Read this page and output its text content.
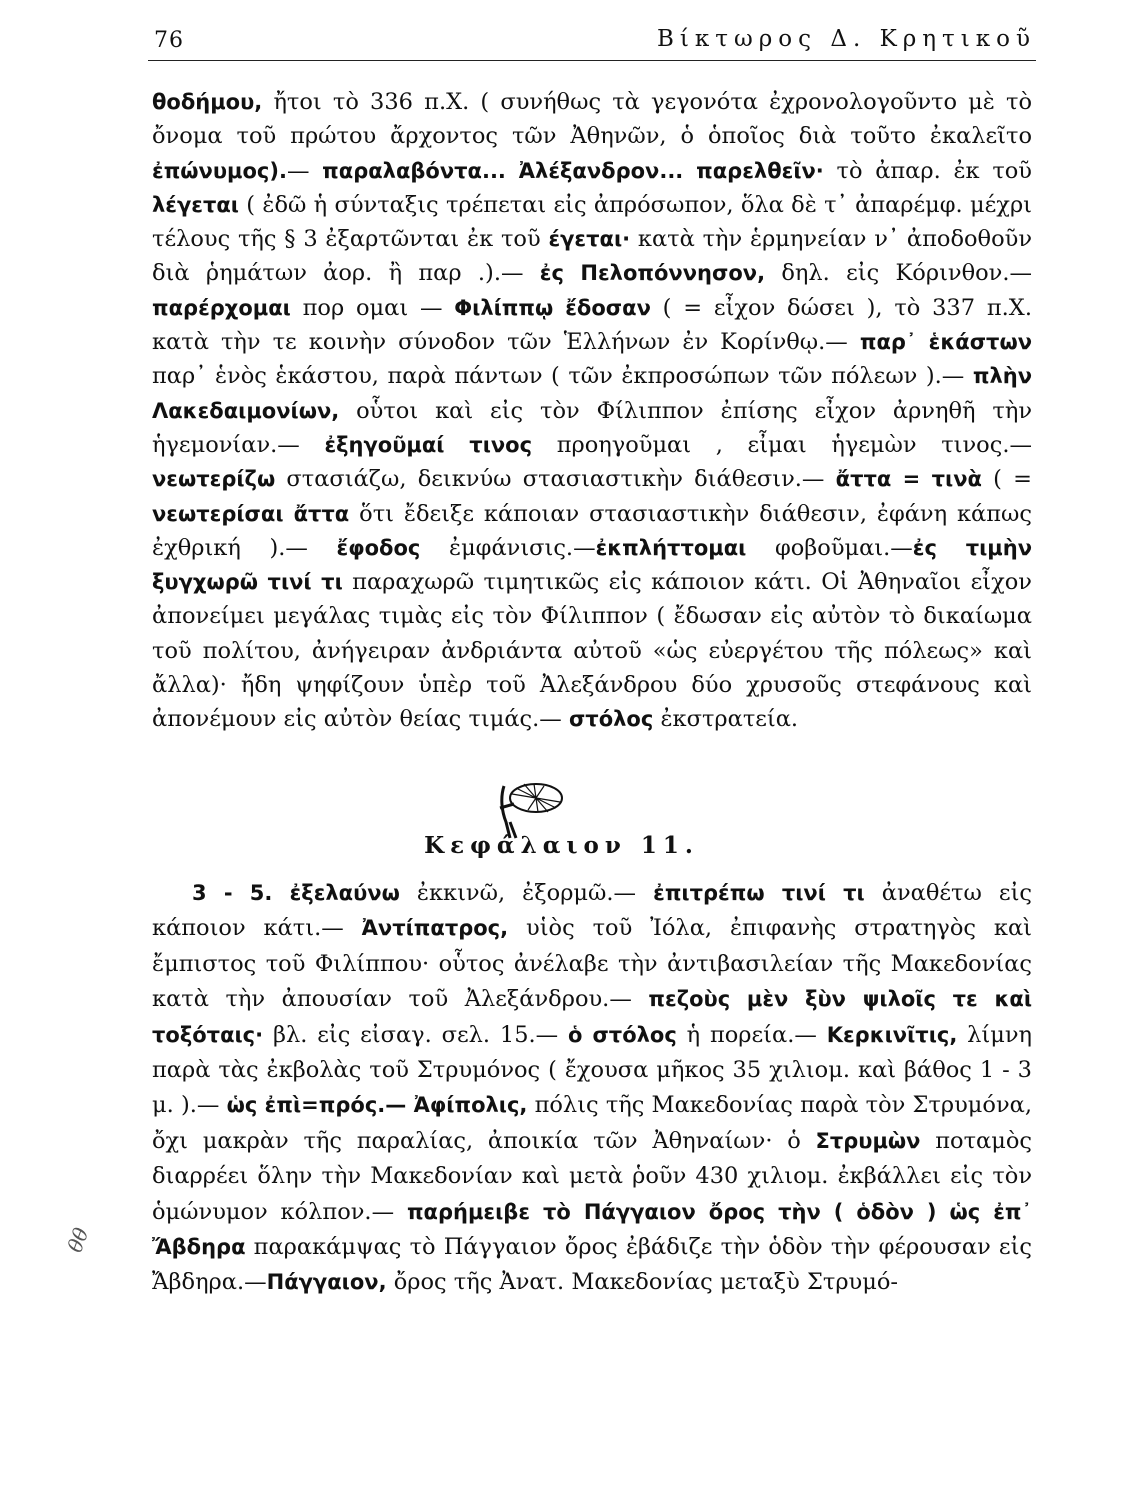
76	Βίκτωρος Δ. Κρητικοῦ

θοδήμου, ἤτοι τὸ 336 π.Χ. ( συνήθως τὰ γεγονότα ἐχρονολογοῦντο μὲ τὸ ὄνομα τοῦ πρώτου ἄρχοντος τῶν Ἀθηνῶν, ὁ ὁποῖος διὰ τοῦτο ἐκαλεῖτο ἐπώνυμος).— παραλαβόντα... Ἀλέξανδρον... παρελθεῖν· τὸ ἀπαρ. ἐκ τοῦ λέγεται ( ἐδῶ ἡ σύνταξις τρέπεται εἰς ἀπρόσωπον, ὅλα δὲ τ᾽ ἀπαρέμφ. μέχρι τέλους τῆς § 3 ἐξαρτῶνται ἐκ τοῦ έγεται· κατὰ τὴν ἑρμηνείαν ν᾽ ἀποδοθοῦν διὰ ῥημάτων ἀορ. ἢ παρ .).— ἐς Πελοπόννησον, δηλ. εἰς Κόρινθον.— παρέρχομαι πορ ομαι — Φιλίππῳ ἔδοσαν ( = εἶχον δώσει ), τὸ 337 π.Χ. κατὰ τὴν τε κοινὴν σύνοδον τῶν Ἑλλήνων ἐν Κορίνθῳ.— παρ᾽ ἑκάστων παρ᾽ ἑνὸς ἑκάστου, παρὰ πάντων ( τῶν ἐκπροσώπων τῶν πόλεων ).— πλὴν Λακεδαιμονίων, οὗτοι καὶ εἰς τὸν Φίλιππον ἐπίσης εἶχον ἀρνηθῆ τὴν ἡγεμονίαν.— ἐξηγοῦμαί τινος προηγοῦμαι , εἶμαι ἡγεμὼν τινος.— νεωτερίζω στασιάζω, δεικνύω στασιαστικὴν διάθεσιν.— ἄττα = τινὰ ( = νεωτερίσαι ἄττα ὅτι ἔδειξε κάποιαν στασιαστικὴν διάθεσιν, ἐφάνη κάπως ἐχθρική ).— ἔφοδος ἐμφάνισις.—ἐκπλήττομαι φοβοῦμαι.—ἐς τιμὴν ξυγχωρῶ τινί τι παραχωρῶ τιμητικῶς εἰς κάποιον κάτι. Οἱ Ἀθηναῖοι εἶχον ἀπονείμει μεγάλας τιμὰς εἰς τὸν Φίλιππον ( ἔδωσαν εἰς αὐτὸν τὸ δικαίωμα τοῦ πολίτου, ἀνήγειραν ἀνδριάντα αὐτοῦ «ὡς εὐεργέτου τῆς πόλεως» καὶ ἄλλα)· ἤδη ψηφίζουν ὑπὲρ τοῦ Ἀλεξάνδρου δύο χρυσοῦς στεφάνους καὶ ἀπονέμουν εἰς αὐτὸν θείας τιμάς.— στόλος ἐκστρατεία.

Κεφάλαιον 11.

3 - 5. ἐξελαύνω ἐκκινῶ, ἐξορμῶ.— ἐπιτρέπω τινί τι ἀναθέτω εἰς κάποιον κάτι.— Ἀντίπατρος, υἱὸς τοῦ Ἰόλα, ἐπιφανὴς στρατηγὸς καὶ ἔμπιστος τοῦ Φιλίππου· οὗτος ἀνέλαβε τὴν ἀντιβασιλείαν τῆς Μακεδονίας κατὰ τὴν ἀπουσίαν τοῦ Ἀλεξάνδρου.— πεζοὺς μὲν ξὺν ψιλοῖς τε καὶ τοξόταις· βλ. εἰς εἰσαγ. σελ. 15.— ὁ στόλος ἡ πορεία.— Κερκινῖτις, λίμνη παρὰ τὰς ἐκβολὰς τοῦ Στρυμόνος ( ἔχουσα μῆκος 35 χιλιομ. καὶ βάθος 1 - 3 μ. ).— ὡς ἐπὶ=πρός.— Ἀφίπολις, πόλις τῆς Μακεδονίας παρὰ τὸν Στρυμόνα, ὄχι μακρὰν τῆς παραλίας, ἀποικία τῶν Ἀθηναίων· ὁ Στρυμὼν ποταμὸς διαρρέει ὅλην τὴν Μακεδονίαν καὶ μετὰ ῥοῦν 430 χιλιομ. ἐκβάλλει εἰς τὸν ὁμώνυμον κόλπον.— παρήμειβε τὸ Πάγγαιον ὄρος τὴν ( ὁδὸν ) ὡς ἐπ᾽ Ἄβδηρα παρακάμψας τὸ Πάγγαιον ὄρος ἐβάδιζε τὴν ὁδὸν τὴν φέρουσαν εἰς Ἄβδηρα.—Πάγγαιον, ὄρος τῆς Ἀνατ. Μακεδονίας μεταξὺ Στρυμό-

θθ
